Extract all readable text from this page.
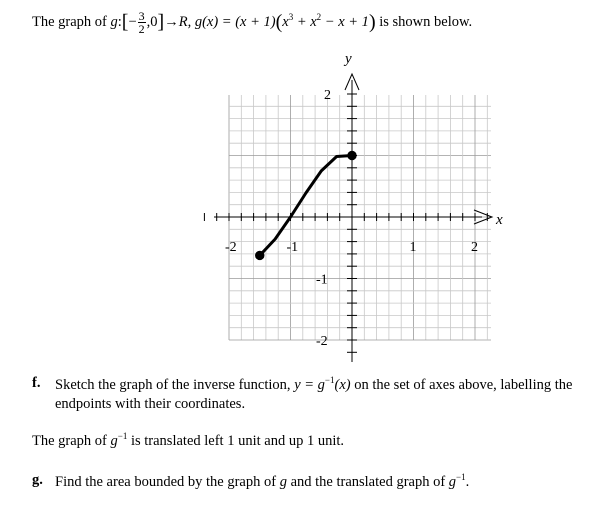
The graph of g:[− $\frac{3}{2} ,0]\to R$, $g(x) = (x + 1)(x^3 + x^2 - x + 1)$ is shown below.
x
y
-2	-1	1	2
2
-1
-2
f. Sketch the graph of the inverse function, $y = g^{-1}(x)$ on the set of axes above, labelling the
endpoints with their coordinates.
The graph of $g^{-1}$ is translated left 1 unit and up 1 unit.
g. Find the area bounded by the graph of g and the translated graph of $g^{-1}$.
